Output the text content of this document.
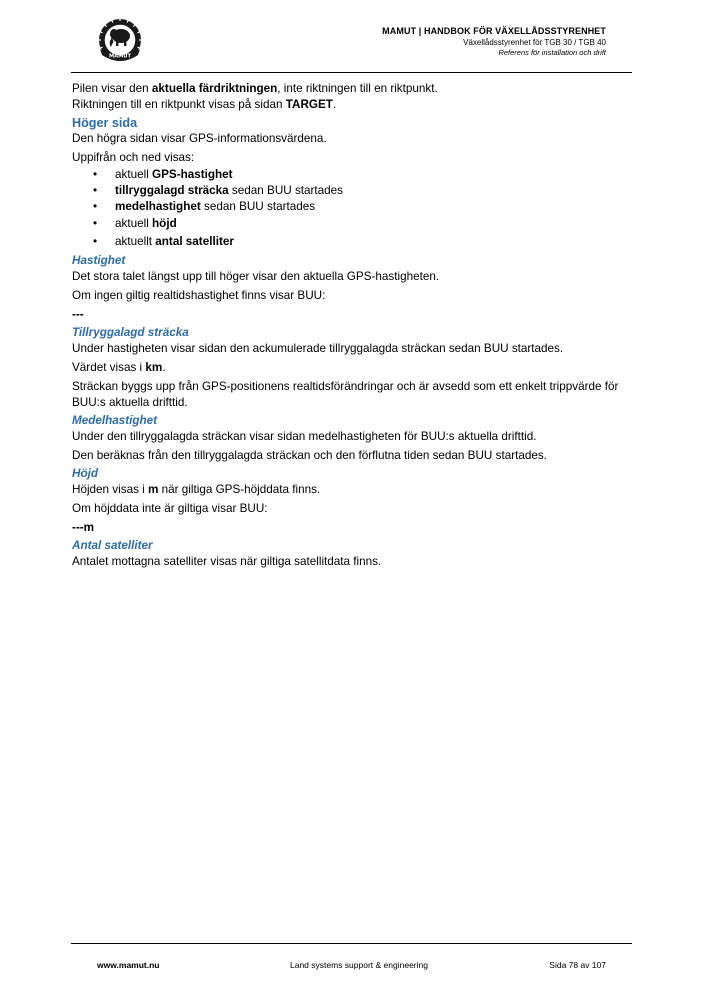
MAMUT
MAMUT | HANDBOK FÖR VÄXELLÅDSSTYRENHET
Växellådsstyrenhet för TGB 30 / TGB 40
Referens för installation och drift

Pilen visar den aktuella färdriktningen, inte riktningen till en riktpunkt.

Riktningen till en riktpunkt visas på sidan TARGET.

Höger sida

Den högra sidan visar GPS-informationsvärdena.

Uppifrån och ned visas:

• aktuell GPS-hastighet
• tillryggalagd sträcka sedan BUU startades
• medelhastighet sedan BUU startades
• aktuell höjd
• aktuellt antal satelliter
Hastighet

Det stora talet längst upp till höger visar den aktuella GPS-hastigheten.

Om ingen giltig realtidshastighet finns visar BUU:

---

Tillryggalagd sträcka

Under hastigheten visar sidan den ackumulerade tillryggalagda sträckan sedan BUU startades.

Värdet visas i km.

Sträckan byggs upp från GPS-positionens realtidsförändringar och är avsedd som ett enkelt trippvärde för BUU:s aktuella drifttid.

Medelhastighet

Under den tillryggalagda sträckan visar sidan medelhastigheten för BUU:s aktuella drifttid.

Den beräknas från den tillryggalagda sträckan och den förflutna tiden sedan BUU startades.

Höjd

Höjden visas i m när giltiga GPS-höjddata finns.

Om höjddata inte är giltiga visar BUU:

---m

Antal satelliter

Antalet mottagna satelliter visas när giltiga satellitdata finns.

www.mamut.nu	Land systems support & engineering	Sida 78 av 107
